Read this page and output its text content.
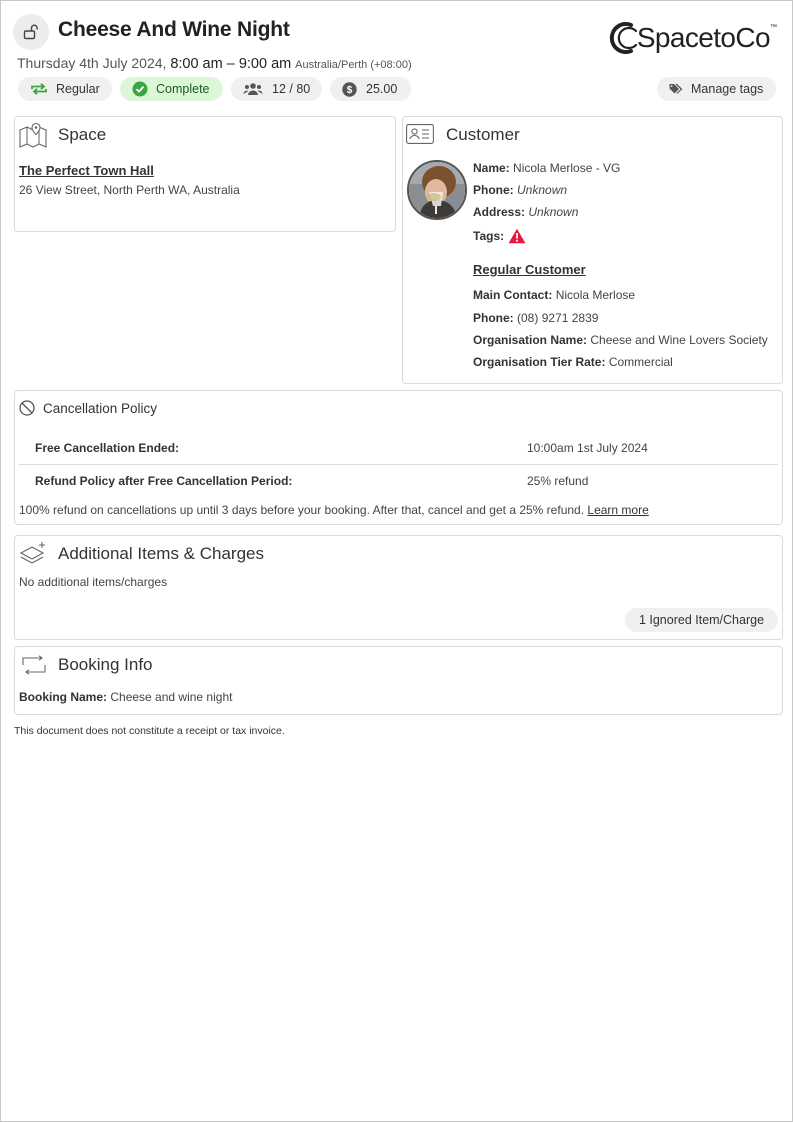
Cheese And Wine Night
Thursday 4th July 2024, 8:00 am – 9:00 am Australia/Perth (+08:00)
SpacetoCo ™
Regular	Complete	12 / 80	$ 25.00	Manage tags
Space
The Perfect Town Hall
26 View Street, North Perth WA, Australia
Customer
Name: Nicola Merlose - VG
Phone: Unknown
Address: Unknown
Tags:
Regular Customer
Main Contact: Nicola Merlose
Phone: (08) 9271 2839
Organisation Name: Cheese and Wine Lovers Society
Organisation Tier Rate: Commercial
Cancellation Policy
Free Cancellation Ended:	10:00am 1st July 2024
Refund Policy after Free Cancellation Period:	25% refund
100% refund on cancellations up until 3 days before your booking. After that, cancel and get a 25% refund. Learn more
Additional Items & Charges
No additional items/charges
1 Ignored Item/Charge
Booking Info
Booking Name: Cheese and wine night
This document does not constitute a receipt or tax invoice.
